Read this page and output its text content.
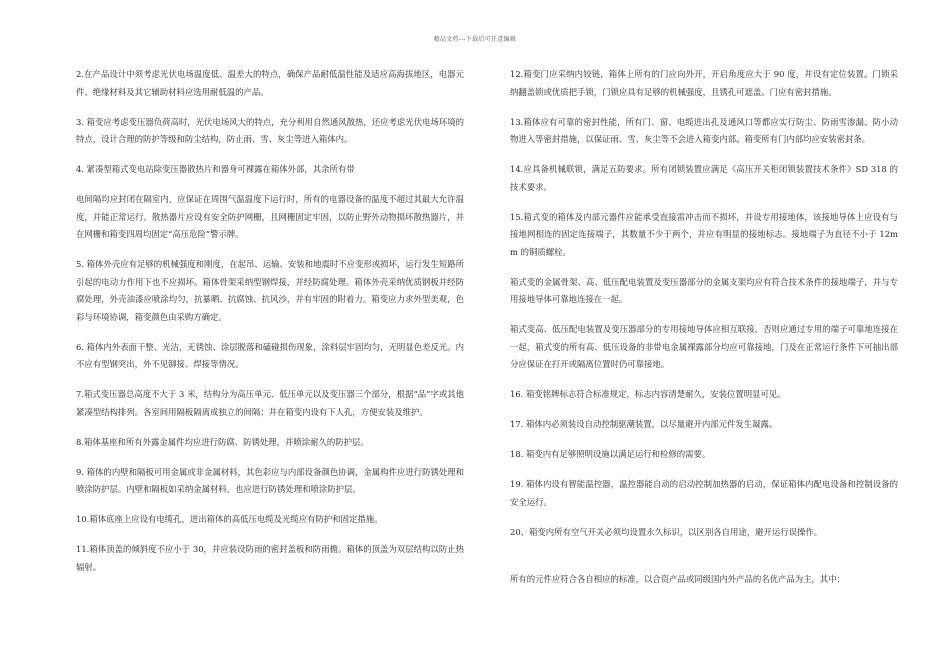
精品文档---下载后可任意编辑

2.在产品设计中须考虑光伏电场温度低、温差大的特点，确保产品耐低温性能及适应高海拔地区，电器元件、绝缘材料及其它辅助材料应选用耐低温的产品。

3. 箱变应考虑变压器负荷高时，光伏电场风大的特点，充分利用自然通风散热，还应考虑光伏电场环境的特点，设计合理的防护等级和防尘结构，防止雨、雪、灰尘等进入箱体内。

4. 紧凑型箱式变电站除变压器散热片和器身可裸露在箱体外部，其余所有带

电间隔均应封闭在隔室内，应保证在周围气温温度下运行时，所有的电器设备的温度不超过其最大允许温度，并能正常运行。散热器片应设有安全防护网栅，且网栅固定牢固，以防止野外动物损坏散热器片，并在网栅和箱变四周均固定“高压危险”警示牌。

5. 箱体外壳应有足够的机械强度和刚度，在起吊、运输、安装和地震时不应变形或损坏，运行发生短路所引起的电动力作用下也不应损坏。箱体骨架采纳型钢焊接，并经防腐处理。箱体外壳采纳优质钢板并经防腐处理，外壳油漆应喷涂均匀，抗暴晒、抗腐蚀、抗风沙，并有牢固的附着力。箱变应力求外型美观，色彩与环境协调，箱变颜色由采购方确定。

6. 箱体内外表面干整、光洁，无锈蚀、涂层脱落和磕碰损伤现象，涂料层牢固均匀，无明显色差反光。内不应有型钢突出，外不见铆接、焊接等情况。

7.箱式变压器总高度不大于 3 米，结构分为高压单元、低压单元以及变压器三个部分，根据“品”字或其他紧凑型结构排列。各室间用隔板隔离成独立的间隔；并在箱变内设有下人孔，方便安装及维护。

8.箱体基座和所有外露金属件均应进行防腐、防锈处理，并喷涂耐久的防护层。

9. 箱体的内壁和隔板可用金属或非金属材料，其色彩应与内部设备颜色协调，金属构件应进行防锈处理和喷涂防护层。内壁和隔板如采纳金属材料，也应进行防锈处理和喷涂防护层。

10.箱体底座上应设有电缆孔，进出箱体的高低压电缆及光缆应有防护和固定措施。

11.箱体顶盖的倾斜度不应小于 30，并应装设防雨的密封盖板和防雨檐。箱体的顶盖为双层结构以防止热辐射。

12.箱变门应采纳内铰链，箱体上所有的门应向外开，开启角度应大于 90 度，并设有定位装置。门锁采纳翻盖锁或优质把手锁，门锁应具有足够的机械强度，且锈孔可遮盖。门应有密封措施。

13.箱体应有可靠的密封性能，所有门、窗、电缆进出孔及通风口等都应实行防尘、防雨雪渗漏、防小动物进入等密封措施，以保证雨、雪、灰尘等不会进入箱变内部。箱变所有门内部均应安装密封条。

14.应具备机械联锁，满足五防要求。所有闭锁装置应满足《高压开关柜闭锁装置技术条件》SD 318 的技术要求。

15.箱式变的箱体及内部元器件应能承受直接雷冲击而不损坏，并设专用接地体，该接地导体上应设有与接地网相连的固定连接端子，其数量不少于两个，并应有明显的接地标志。接地端子为直径不小于 12mm 的铜质螺栓。

箱式变的金属骨架、高、低压配电装置及变压器部分的金属支架均应有符合技术条件的接地端子，并与专用接地导体可靠地连接在一起。

箱式变高、低压配电装置及变压器部分的专用接地导体应相互联接，否则应通过专用的端子可靠地连接在一起，箱式变的所有高、低压设备的非带电金属裸露部分均应可靠接地，门及在正常运行条件下可抽出部分应保证在打开或隔离位置时仍可靠接地。

16. 箱变铭牌标志符合标准规定，标志内容清楚耐久，安装位置明显可见。

17. 箱体内必须装设自动控制驱潮装置，以尽量避开内部元件发生凝露。

18. 箱变内有足够照明设施以满足运行和检修的需要。

19. 箱体内设有智能温控器，温控器能自动的启动控制加热器的启动，保证箱体内配电设备和控制设备的安全运行。

20、箱变内所有空气开关必须均设置永久标识，以区别各自用途，避开运行误操作。

所有的元件应符合各自相应的标准，以合资产品或同级国内外产品的名优产品为主，其中：
